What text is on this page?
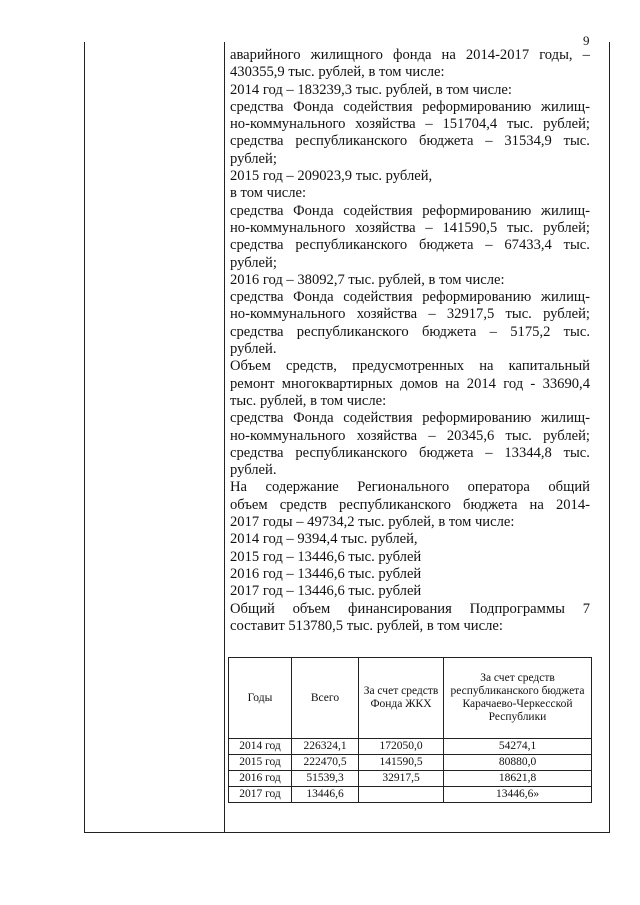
9
аварийного жилищного фонда на 2014-2017 годы, –
430355,9 тыс. рублей, в том числе:
2014 год – 183239,3 тыс. рублей, в том числе:
средства Фонда содействия реформированию жилищ-
но-коммунального хозяйства – 151704,4 тыс. рублей;
средства республиканского бюджета – 31534,9 тыс.
рублей;
2015 год – 209023,9 тыс. рублей,
в том числе:
средства Фонда содействия реформированию жилищ-
но-коммунального хозяйства – 141590,5 тыс. рублей;
средства республиканского бюджета – 67433,4 тыс.
рублей;
2016 год – 38092,7 тыс. рублей, в том числе:
средства Фонда содействия реформированию жилищ-
но-коммунального хозяйства – 32917,5 тыс. рублей;
средства республиканского бюджета – 5175,2 тыс.
рублей.
Объем средств, предусмотренных на капитальный
ремонт многоквартирных домов на 2014 год - 33690,4
тыс. рублей, в том числе:
средства Фонда содействия реформированию жилищ-
но-коммунального хозяйства – 20345,6 тыс. рублей;
средства республиканского бюджета – 13344,8 тыс.
рублей.
На содержание Регионального оператора общий
объем средств республиканского бюджета на 2014-
2017 годы – 49734,2 тыс. рублей, в том числе:
2014 год – 9394,4 тыс. рублей,
2015 год – 13446,6 тыс. рублей
2016 год – 13446,6 тыс. рублей
2017 год – 13446,6 тыс. рублей
Общий объем финансирования Подпрограммы 7
составит 513780,5 тыс. рублей, в том числе:
Годы	Всего	За счет средств Фонда ЖКХ	За счет средств республиканского бюджета Карачаево-Черкесской Республики
2014 год	226324,1	172050,0	54274,1
2015 год	222470,5	141590,5	80880,0
2016 год	51539,3	32917,5	18621,8
2017 год	13446,6		13446,6»
